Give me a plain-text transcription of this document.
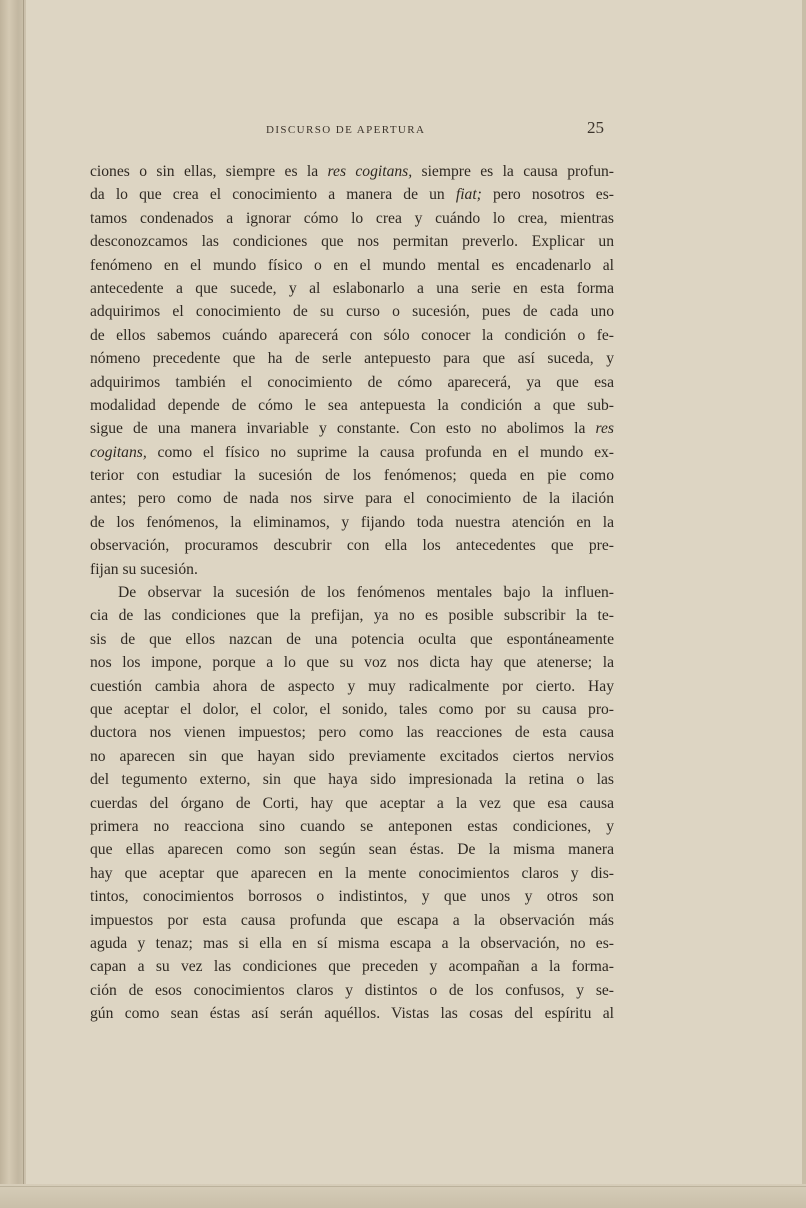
DISCURSO DE APERTURA	25
ciones o sin ellas, siempre es la res cogitans, siempre es la causa profun-
da lo que crea el conocimiento a manera de un fiat; pero nosotros es-
tamos condenados a ignorar cómo lo crea y cuándo lo crea, mientras
desconozcamos las condiciones que nos permitan preverlo. Explicar un
fenómeno en el mundo físico o en el mundo mental es encadenarlo al
antecedente a que sucede, y al eslabonarlo a una serie en esta forma
adquirimos el conocimiento de su curso o sucesión, pues de cada uno
de ellos sabemos cuándo aparecerá con sólo conocer la condición o fe-
nómeno precedente que ha de serle antepuesto para que así suceda, y
adquirimos también el conocimiento de cómo aparecerá, ya que esa
modalidad depende de cómo le sea antepuesta la condición a que sub-
sigue de una manera invariable y constante. Con esto no abolimos la res
cogitans, como el físico no suprime la causa profunda en el mundo ex-
terior con estudiar la sucesión de los fenómenos; queda en pie como
antes; pero como de nada nos sirve para el conocimiento de la ilación
de los fenómenos, la eliminamos, y fijando toda nuestra atención en la
observación, procuramos descubrir con ella los antecedentes que pre-
fijan su sucesión.
De observar la sucesión de los fenómenos mentales bajo la influen-
cia de las condiciones que la prefijan, ya no es posible subscribir la te-
sis de que ellos nazcan de una potencia oculta que espontáneamente
nos los impone, porque a lo que su voz nos dicta hay que atenerse; la
cuestión cambia ahora de aspecto y muy radicalmente por cierto. Hay
que aceptar el dolor, el color, el sonido, tales como por su causa pro-
ductora nos vienen impuestos; pero como las reacciones de esta causa
no aparecen sin que hayan sido previamente excitados ciertos nervios
del tegumento externo, sin que haya sido impresionada la retina o las
cuerdas del órgano de Corti, hay que aceptar a la vez que esa causa
primera no reacciona sino cuando se anteponen estas condiciones, y
que ellas aparecen como son según sean éstas. De la misma manera
hay que aceptar que aparecen en la mente conocimientos claros y dis-
tintos, conocimientos borrosos o indistintos, y que unos y otros son
impuestos por esta causa profunda que escapa a la observación más
aguda y tenaz; mas si ella en sí misma escapa a la observación, no es-
capan a su vez las condiciones que preceden y acompañan a la forma-
ción de esos conocimientos claros y distintos o de los confusos, y se-
gún como sean éstas así serán aquéllos. Vistas las cosas del espíritu al
